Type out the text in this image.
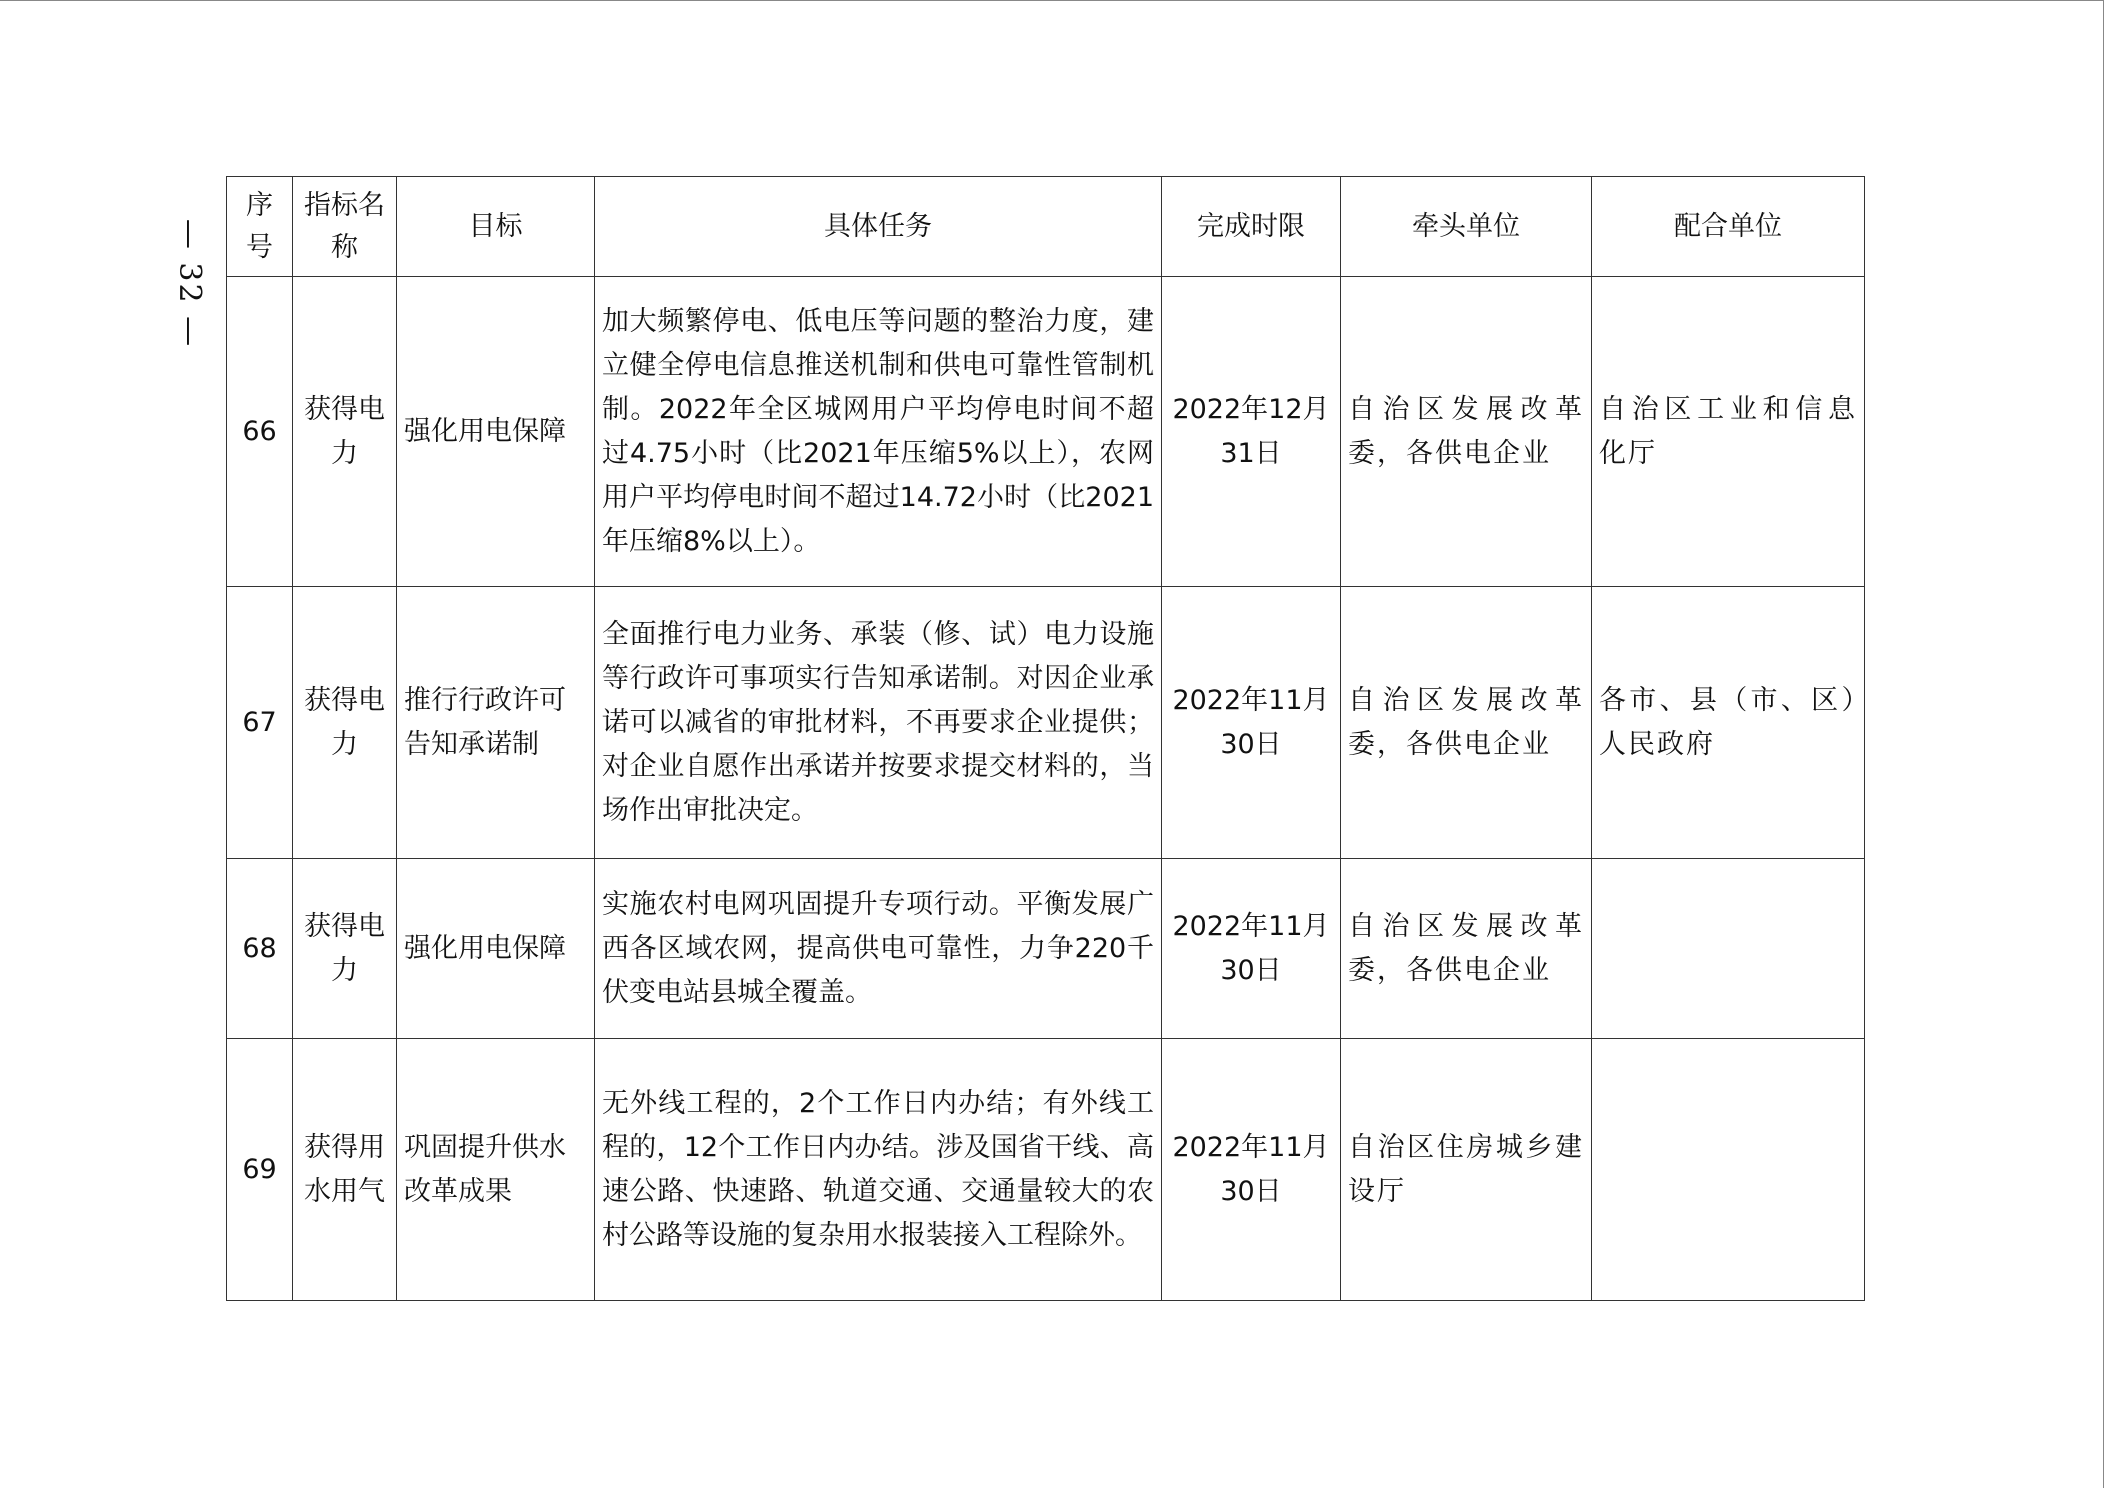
— 32 —
序号	指标名称	目标	具体任务	完成时限	牵头单位	配合单位
66	获得电力	强化用电保障	加大频繁停电、低电压等问题的整治力度，建立健全停电信息推送机制和供电可靠性管制机制。2022年全区城网用户平均停电时间不超过4.75小时（比2021年压缩5%以上），农网用户平均停电时间不超过14.72小时（比2021年压缩8%以上）。	2022年12月31日	自治区发展改革委，各供电企业	自治区工业和信息化厅
67	获得电力	推行行政许可告知承诺制	全面推行电力业务、承装（修、试）电力设施等行政许可事项实行告知承诺制。对因企业承诺可以减省的审批材料，不再要求企业提供；对企业自愿作出承诺并按要求提交材料的，当场作出审批决定。	2022年11月30日	自治区发展改革委，各供电企业	各市、县（市、区）人民政府
68	获得电力	强化用电保障	实施农村电网巩固提升专项行动。平衡发展广西各区域农网，提高供电可靠性，力争220千伏变电站县城全覆盖。	2022年11月30日	自治区发展改革委，各供电企业	
69	获得用水用气	巩固提升供水改革成果	无外线工程的，2个工作日内办结；有外线工程的，12个工作日内办结。涉及国省干线、高速公路、快速路、轨道交通、交通量较大的农村公路等设施的复杂用水报装接入工程除外。	2022年11月30日	自治区住房城乡建设厅	
